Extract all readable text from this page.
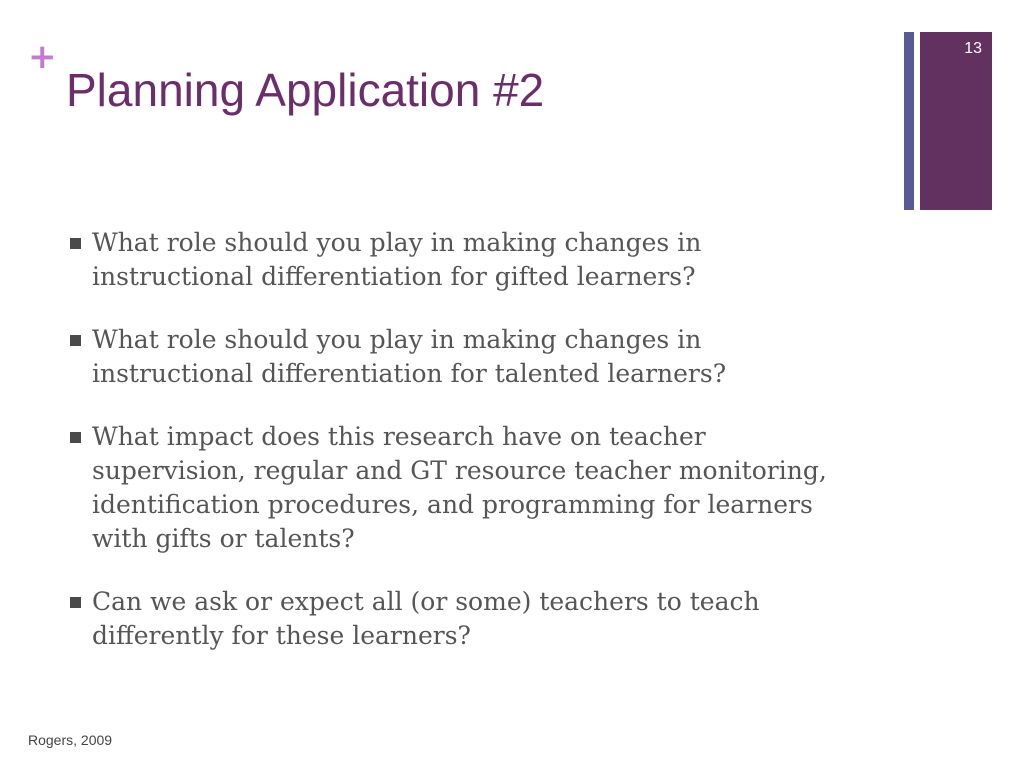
+
Planning Application #2
13
What role should you play in making changes in instructional differentiation for gifted learners?
What role should you play in making changes in instructional differentiation for talented learners?
What impact does this research have on teacher supervision, regular and GT resource teacher monitoring, identification procedures, and programming for learners with gifts or talents?
Can we ask or expect all (or some) teachers to teach differently for these learners?
Rogers, 2009
